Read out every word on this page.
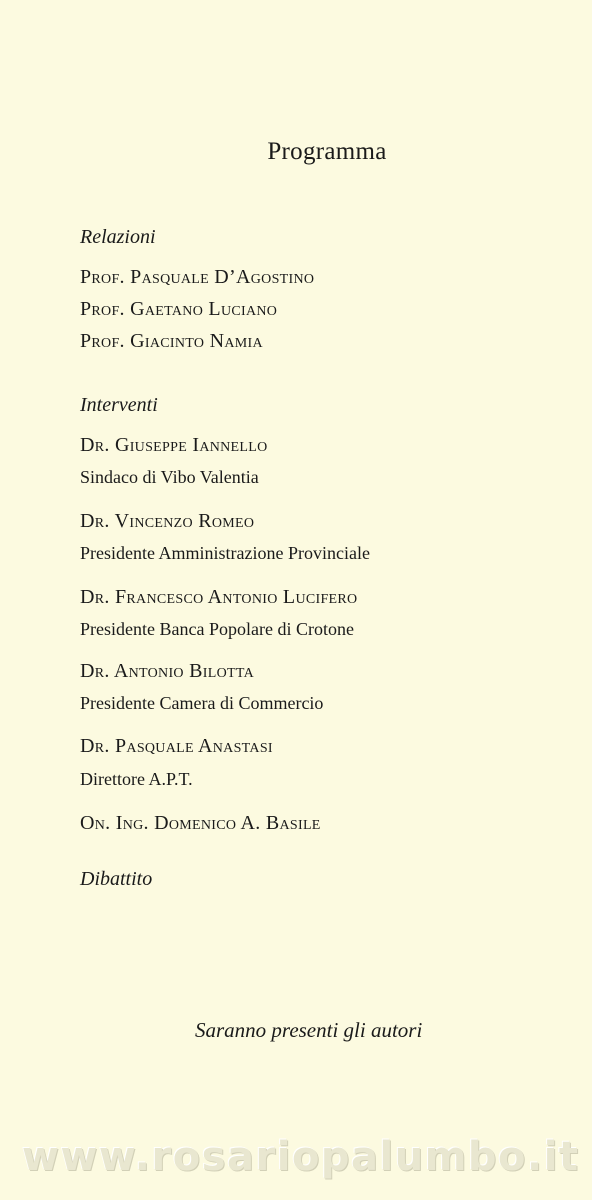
Programma
Relazioni
Prof. Pasquale D’Agostino
Prof. Gaetano Luciano
Prof. Giacinto Namia
Interventi
Dr. Giuseppe Iannello
Sindaco di Vibo Valentia
Dr. Vincenzo Romeo
Presidente Amministrazione Provinciale
Dr. Francesco Antonio Lucifero
Presidente Banca Popolare di Crotone
Dr. Antonio Bilotta
Presidente Camera di Commercio
Dr. Pasquale Anastasi
Direttore A.P.T.
On. Ing. Domenico A. Basile
Dibattito
Saranno presenti gli autori
www.rosariopalumbo.it
